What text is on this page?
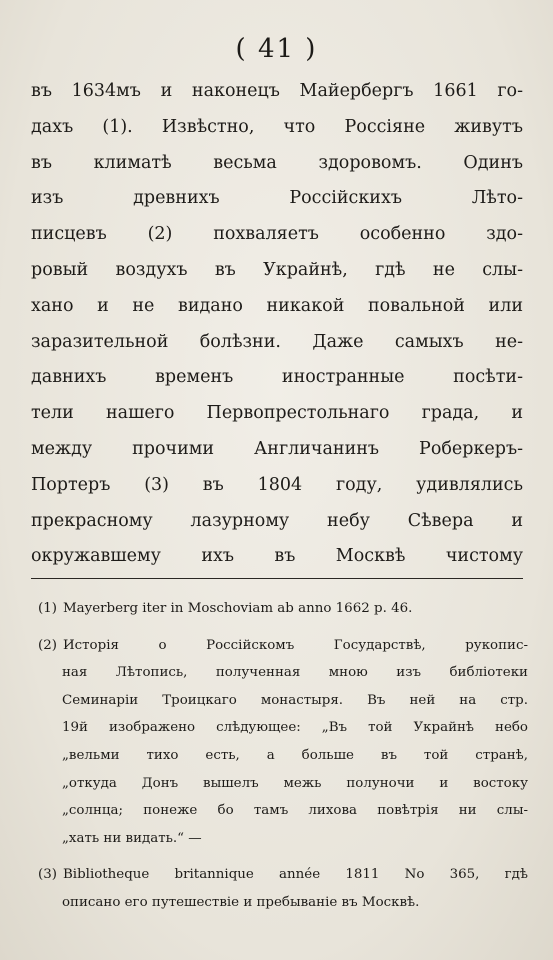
( 41 )
въ 1634мъ и наконецъ Майербергъ 1661 го-
дахъ (1). Извѣстно, что Россіяне живутъ
въ климатѣ весьма здоровомъ. Одинъ
изъ древнихъ Россійскихъ Лѣто-
писцевъ (2) похваляетъ особенно здо-
ровый воздухъ въ Украйнѣ, гдѣ не слы-
хано и не видано никакой повальной или
заразительной болѣзни. Даже самыхъ не-
давнихъ временъ иностранные посѣти-
тели нашего Первопрестольнаго града, и
между прочими Англичанинъ Роберкеръ-
Портеръ (3) въ 1804 году, удивлялись
прекрасному лазурному небу Сѣвера и
окружавшему ихъ въ Москвѣ чистому
(1) Mayerberg iter in Moschoviam ab anno 1662 p. 46.
(2) Исторія о Россійскомъ Государствѣ, рукопис-
ная Лѣтопись, полученная мною изъ библіотеки
Семинаріи Троицкаго монастыря. Въ ней на стр.
19й изображено слѣдующее: „Въ той Украйнѣ небо
„вельми тихо есть, а больше въ той странѣ,
„откуда Донъ вышелъ межь полуночи и востоку
„солнца; понеже бо тамъ лихова повѣтрія ни слы-
„хать ни видать.“ —
(3) Bibliotheque britannique année 1811 No 365, гдѣ
описано его путешествіе и пребываніе въ Москвѣ.
